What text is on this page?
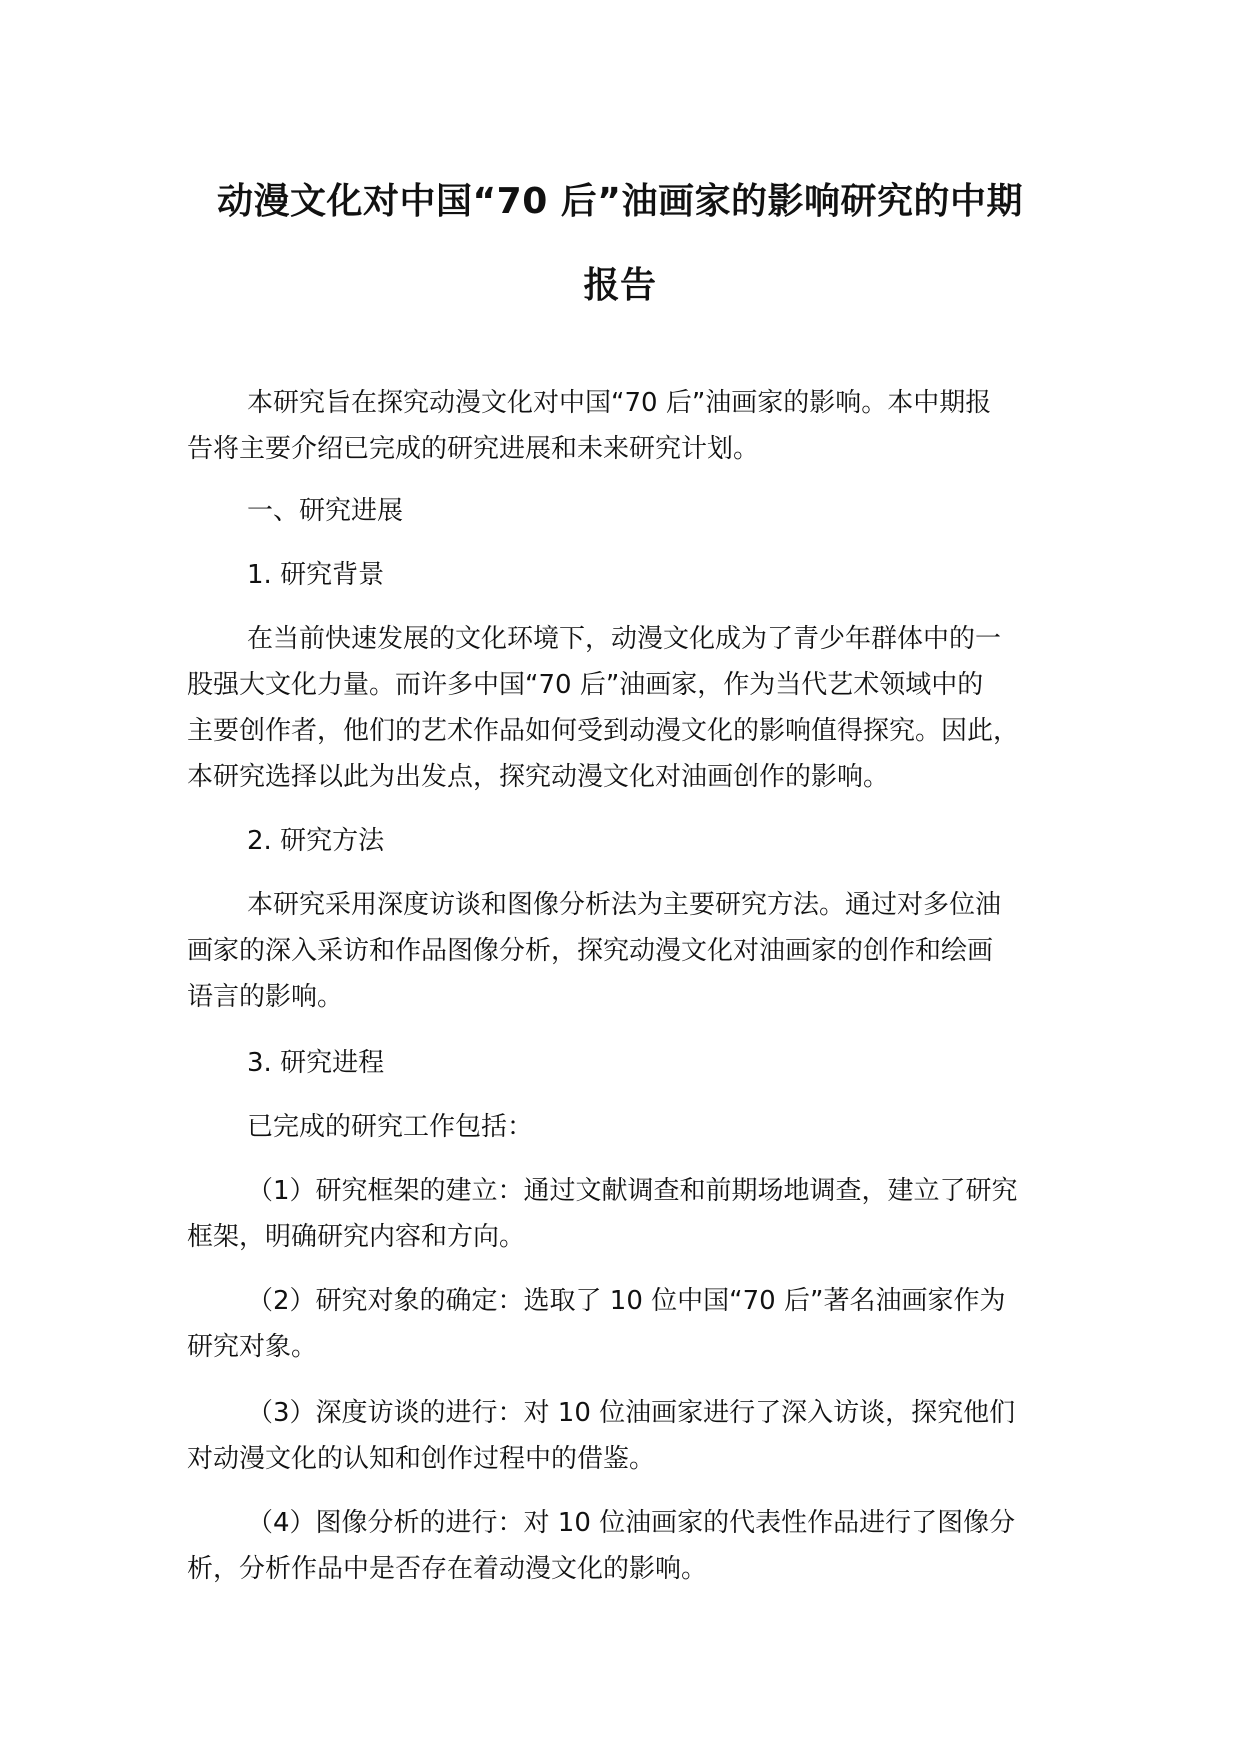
动漫文化对中国“70 后”油画家的影响研究的中期
报告
本研究旨在探究动漫文化对中国“70 后”油画家的影响。本中期报
告将主要介绍已完成的研究进展和未来研究计划。
一、研究进展
1. 研究背景
在当前快速发展的文化环境下，动漫文化成为了青少年群体中的一
股强大文化力量。而许多中国“70 后”油画家，作为当代艺术领域中的
主要创作者，他们的艺术作品如何受到动漫文化的影响值得探究。因此，
本研究选择以此为出发点，探究动漫文化对油画创作的影响。
2. 研究方法
本研究采用深度访谈和图像分析法为主要研究方法。通过对多位油
画家的深入采访和作品图像分析，探究动漫文化对油画家的创作和绘画
语言的影响。
3. 研究进程
已完成的研究工作包括：
（1）研究框架的建立：通过文献调查和前期场地调查，建立了研究
框架，明确研究内容和方向。
（2）研究对象的确定：选取了 10 位中国“70 后”著名油画家作为
研究对象。
（3）深度访谈的进行：对 10 位油画家进行了深入访谈，探究他们
对动漫文化的认知和创作过程中的借鉴。
（4）图像分析的进行：对 10 位油画家的代表性作品进行了图像分
析，分析作品中是否存在着动漫文化的影响。
